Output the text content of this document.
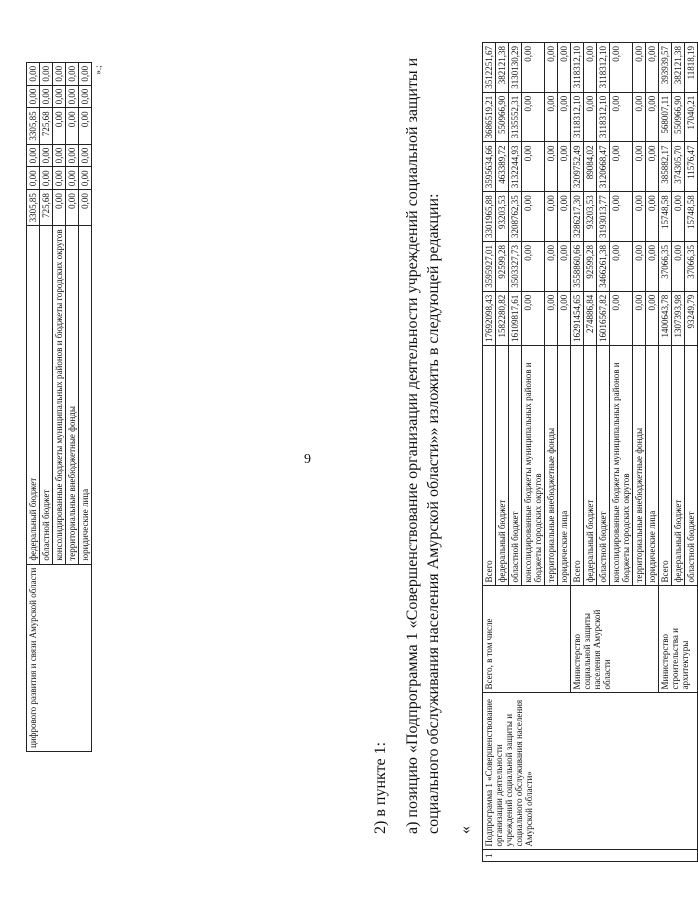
9
цифрового развития и связи Амурской области	федеральный бюджет	3305,85	0,00	0,00	3305,85	0,00	0,00
	областной бюджет	725,68	0,00	0,00	725,68	0,00	0,00
	консолидированные бюджеты муниципальных районов и бюджеты городских округов	0,00	0,00	0,00	0,00	0,00	0,00
	территориальные внебюджетные фонды	0,00	0,00	0,00	0,00	0,00	0,00
	юридические лица	0,00	0,00	0,00	0,00	0,00	0,00
».;							
2) в пункте 1: а) позицию «Подпрограмма 1 «Совершенствование организации деятельности учреждений социальной защиты и социального обслуживания населения Амурской области»» изложить в следующей редакции: «
1	Подпрограмма 1 «Совершенствование организации деятельности учреждений социальной защиты и социального обслуживания населения Амурской области»	Всего, в том числе	Всего	17692098,43	3595927,01	3301965,88	3595634,66	3686519,21	3512251,67
			федеральный бюджет	1582280,82	92599,28	93203,53	463389,72	550966,90	382121,38
			областной бюджет	16109817,61	3503327,73	3208762,35	3132244,93	3135552,31	3130130,29
			консолидированные бюджеты муниципальных районов и бюджеты городских округов	0,00	0,00	0,00	0,00	0,00	0,00
			территориальные внебюджетные фонды	0,00	0,00	0,00	0,00	0,00	0,00
			юридические лица	0,00	0,00	0,00	0,00	0,00	0,00
		Министерство социальной защиты населения Амурской области	Всего	16291454,65	3558860,66	3286217,30	3209752,49	3118312,10	3118312,10
			федеральный бюджет	274886,84	92599,28	93203,53	89084,02	0,00	0,00
			областной бюджет	16016567,82	3466261,38	3193013,77	3120668,47	3118312,10	3118312,10
			консолидированные бюджеты муниципальных районов и бюджеты городских округов	0,00	0,00	0,00	0,00	0,00	0,00
			территориальные внебюджетные фонды	0,00	0,00	0,00	0,00	0,00	0,00
			юридические лица	0,00	0,00	0,00	0,00	0,00	0,00
		Министерство строительства и архитектуры	Всего	1400643,78	37066,35	15748,58	385882,17	568007,11	393939,57
			федеральный бюджет	1307393,98	0,00	0,00	374305,70	550966,90	382121,38
			областной бюджет	93249,79	37066,35	15748,58	11576,47	17040,21	11818,19
